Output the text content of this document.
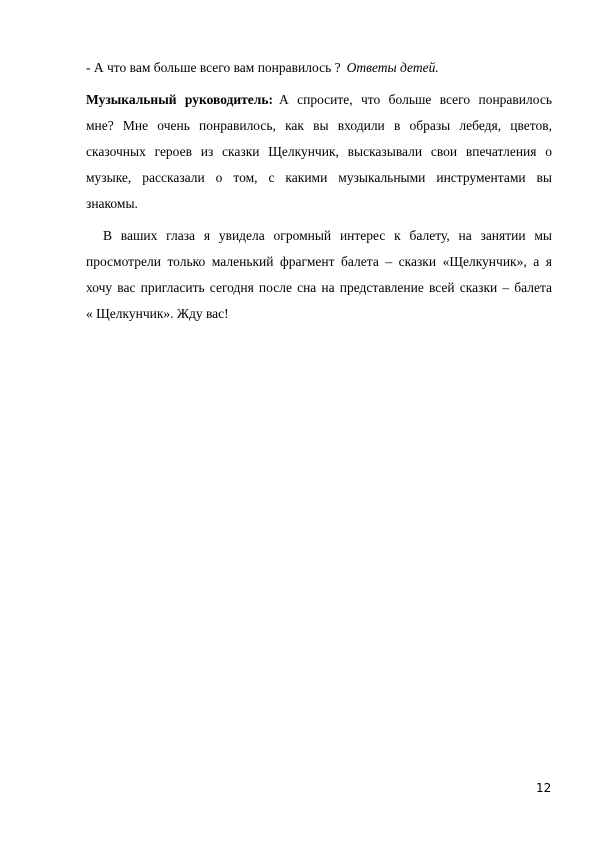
- А что вам больше всего вам понравилось ? Ответы детей.
Музыкальный руководитель: А спросите, что больше всего понравилось
мне? Мне очень понравилось, как вы входили в образы лебедя, цветов,
сказочных героев из сказки Щелкунчик, высказывали свои впечатления о
музыке, рассказали о том, с какими музыкальными инструментами вы
знакомы.
В ваших глаза я увидела огромный интерес к балету, на занятии мы
просмотрели только маленький фрагмент балета – сказки «Щелкунчик», а я
хочу вас пригласить сегодня после сна на представление всей сказки – балета
« Щелкунчик». Жду вас!
12
